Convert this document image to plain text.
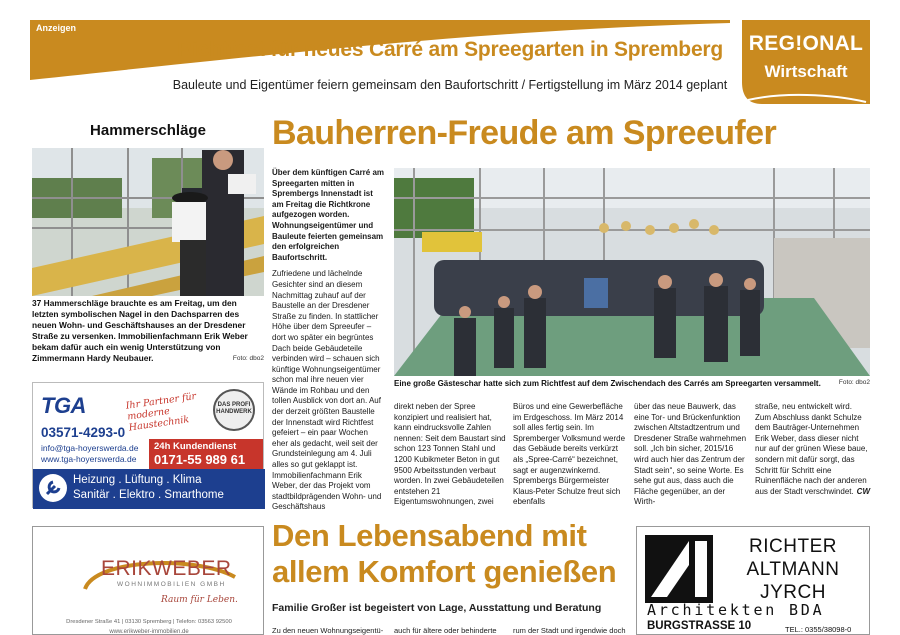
Anzeigen
Richtfest für neues Carré am Spreegarten in Spremberg
Bauleute und Eigentümer feiern gemeinsam den Baufortschritt / Fertigstellung im März 2014 geplant
REG!ONAL
Wirtschaft
Hammerschläge
37 Hammerschläge brauchte es am Freitag, um den letzten symbolischen Nagel in den Dachsparren des neuen Wohn- und Geschäftshauses an der Dresdener Straße zu versenken. Immobilienfachmann Erik Weber bekam dafür auch ein wenig Unterstützung von Zimmermann Hardy Neubauer.	Foto: dbo2
TGA	Ihr Partner für moderne Haustechnik
DAS PROFI HANDWERK
03571-4293-0
info@tga-hoyerswerda.de
www.tga-hoyerswerda.de
24h Kundendienst
0171-55 989 61
Heizung . Lüftung . Klima
Sanitär . Elektro . Smarthome
Bauherren-Freude am Spreeufer

Über dem künftigen Carré am Spreegarten mitten in Sprembergs Innenstadt ist am Freitag die Richtkrone aufgezogen worden. Wohnungseigentümer und Bauleute feierten gemeinsam den erfolgreichen Baufortschritt.

Zufriedene und lächelnde Gesichter sind an diesem Nachmittag zuhauf auf der Baustelle an der Dresdener Straße zu finden. In stattlicher Höhe über dem Spreeufer – dort wo später ein begrüntes Dach beide Gebäudeteile verbinden wird – schauen sich künftige Wohnungseigentümer schon mal ihre neuen vier Wände im Rohbau und den tollen Ausblick von dort an. Auf der derzeit größten Baustelle der Innenstadt wird Richtfest gefeiert – ein paar Wochen eher als gedacht, weil seit der Grundsteinlegung am 4. Juli alles so gut geklappt ist. Immobilienfachmann Erik Weber, der das Projekt vom stadtbildprägenden Wohn- und Geschäftshaus

Eine große Gästeschar hatte sich zum Richtfest auf dem Zwischendach des Carrés am Spreegarten versammelt.	Foto: dbo2
direkt neben der Spree konzipiert und realisiert hat, kann eindrucksvolle Zahlen nennen: Seit dem Baustart sind schon 123 Tonnen Stahl und 1200 Kubikmeter Beton in gut 9500 Arbeitsstunden verbaut worden. In zwei Gebäudeteilen entstehen 21 Eigentumswohnungen, zwei
Büros und eine Gewerbefläche im Erdgeschoss. Im März 2014 soll alles fertig sein. Im Spremberger Volksmund werde das Gebäude bereits verkürzt als „Spree-Carré“ bezeichnet, sagt er augenzwinkernd. Sprembergs Bürgermeister Klaus-Peter Schulze freut sich ebenfalls
über das neue Bauwerk, das eine Tor- und Brückenfunktion zwischen Altstadtzentrum und Dresdener Straße wahrnehmen soll. „Ich bin sicher, 2015/16 wird auch hier das Zentrum der Stadt sein“, so seine Worte. Es sehe gut aus, dass auch die Fläche gegenüber, an der Wirth-
straße, neu entwickelt wird. Zum Abschluss dankt Schulze dem Bauträger-Unternehmen Erik Weber, dass dieser nicht nur auf der grünen Wiese baue, sondern mit dafür sorgt, das Schritt für Schritt eine Ruinenfläche nach der anderen aus der Stadt verschwindet. CW
ERIKWEBER
WOHNIMMOBILIEN GMBH
Raum für Leben.
Dresdener Straße 41 | 03130 Spremberg | Telefon: 03563 92500
www.erikweber-immobilien.de
Den Lebensabend mit
allem Komfort genießen
Familie Großer ist begeistert von Lage, Ausstattung und Beratung
Zu den neuen Wohnungseigentü- auch für ältere oder behinderte rum der Stadt und irgendwie doch
RICHTER
ALTMANN
JYRCH
Architekten BDA
BURGSTRASSE 10	TEL.: 0355/38098-0
